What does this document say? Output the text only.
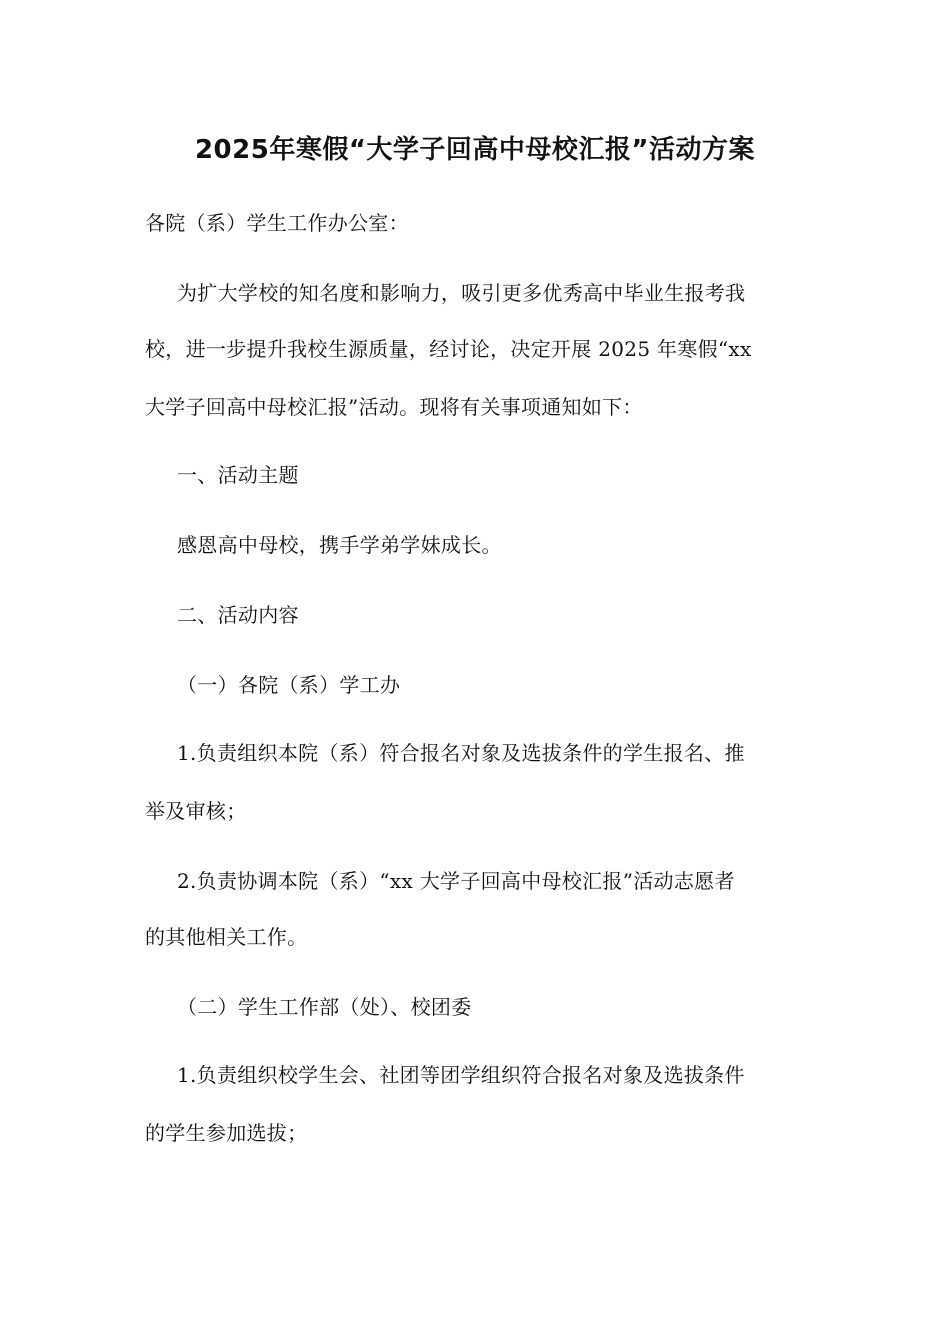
2025年寒假“大学子回高中母校汇报”活动方案
各院（系）学生工作办公室：
为扩大学校的知名度和影响力，吸引更多优秀高中毕业生报考我
校，进一步提升我校生源质量，经讨论，决定开展 2025 年寒假“xx
大学子回高中母校汇报”活动。现将有关事项通知如下：
一、活动主题
感恩高中母校，携手学弟学妹成长。
二、活动内容
（一）各院（系）学工办
1.负责组织本院（系）符合报名对象及选拔条件的学生报名、推
举及审核；
2.负责协调本院（系）“xx 大学子回高中母校汇报”活动志愿者
的其他相关工作。
（二）学生工作部（处）、校团委
1.负责组织校学生会、社团等团学组织符合报名对象及选拔条件
的学生参加选拔；
